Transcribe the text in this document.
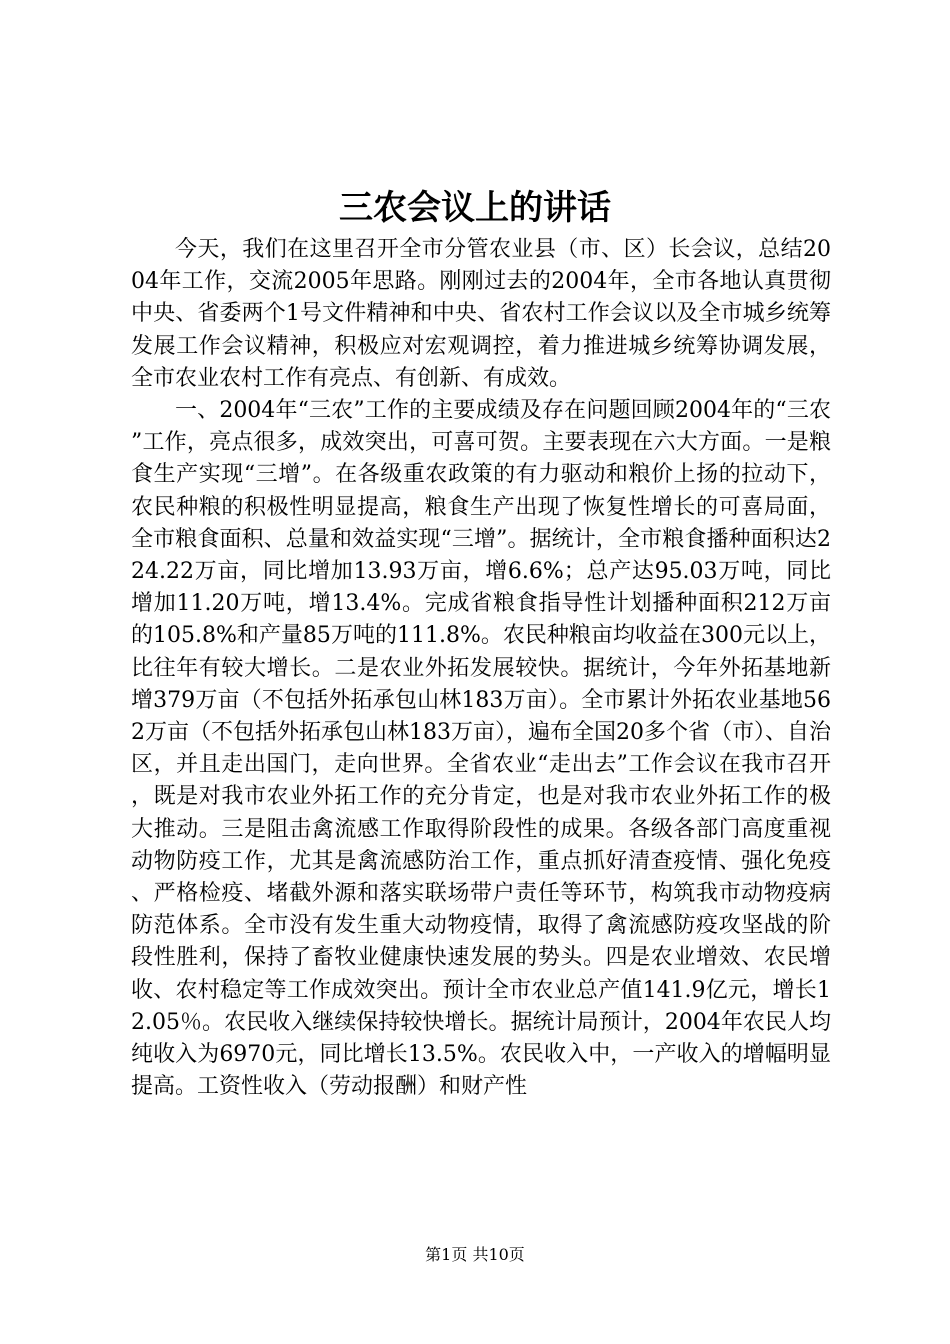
三农会议上的讲话

今天，我们在这里召开全市分管农业县（市、区）长会议，总结2004年工作，交流2005年思路。刚刚过去的2004年，全市各地认真贯彻中央、省委两个1号文件精神和中央、省农村工作会议以及全市城乡统筹发展工作会议精神，积极应对宏观调控，着力推进城乡统筹协调发展，全市农业农村工作有亮点、有创新、有成效。

一、2004年“三农”工作的主要成绩及存在问题回顾2004年的“三农”工作，亮点很多，成效突出，可喜可贺。主要表现在六大方面。一是粮食生产实现“三增”。在各级重农政策的有力驱动和粮价上扬的拉动下，农民种粮的积极性明显提高，粮食生产出现了恢复性增长的可喜局面，全市粮食面积、总量和效益实现“三增”。据统计，全市粮食播种面积达224.22万亩，同比增加13.93万亩，增6.6%；总产达95.03万吨，同比增加11.20万吨，增13.4%。完成省粮食指导性计划播种面积212万亩的105.8%和产量85万吨的111.8%。农民种粮亩均收益在300元以上，比往年有较大增长。二是农业外拓发展较快。据统计，今年外拓基地新增379万亩（不包括外拓承包山林183万亩）。全市累计外拓农业基地562万亩（不包括外拓承包山林183万亩），遍布全国20多个省（市）、自治区，并且走出国门，走向世界。全省农业“走出去”工作会议在我市召开，既是对我市农业外拓工作的充分肯定，也是对我市农业外拓工作的极大推动。三是阻击禽流感工作取得阶段性的成果。各级各部门高度重视动物防疫工作，尤其是禽流感防治工作，重点抓好清查疫情、强化免疫、严格检疫、堵截外源和落实联场带户责任等环节，构筑我市动物疫病防范体系。全市没有发生重大动物疫情，取得了禽流感防疫攻坚战的阶段性胜利，保持了畜牧业健康快速发展的势头。四是农业增效、农民增收、农村稳定等工作成效突出。预计全市农业总产值141.9亿元，增长12.05％。农民收入继续保持较快增长。据统计局预计，2004年农民人均纯收入为6970元，同比增长13.5%。农民收入中，一产收入的增幅明显提高。工资性收入（劳动报酬）和财产性

第1页 共10页
